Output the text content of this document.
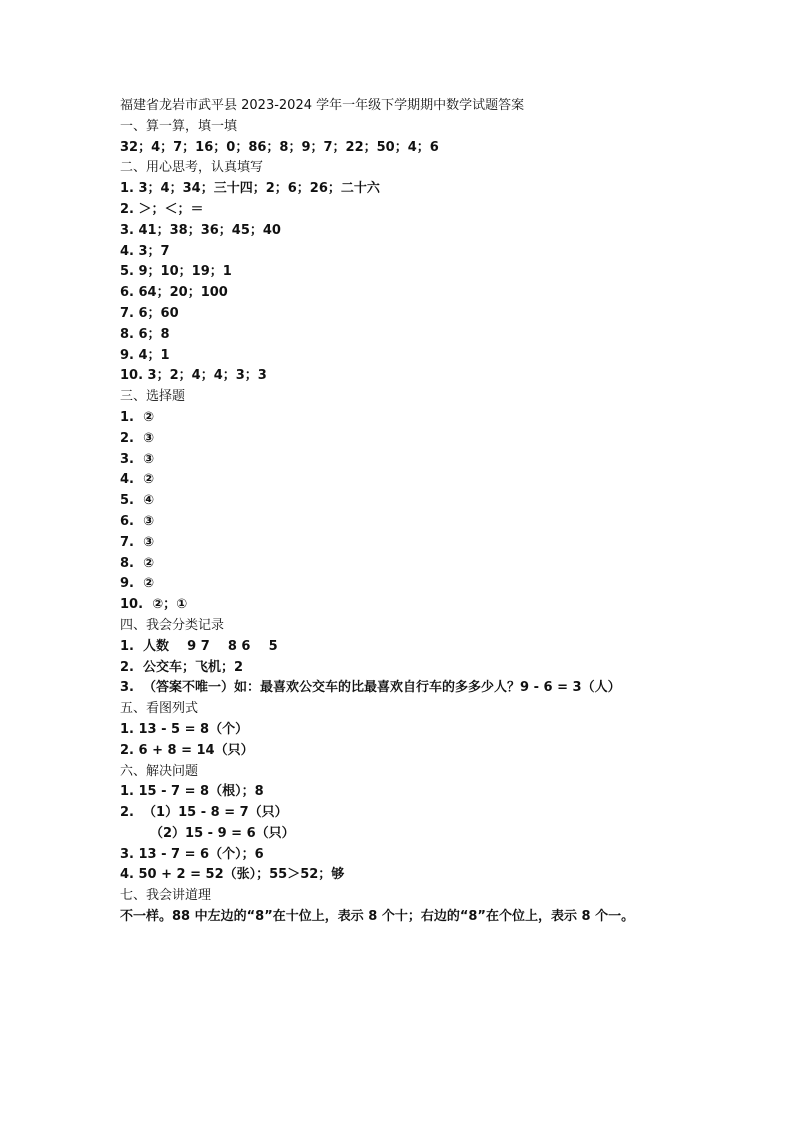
福建省龙岩市武平县 2023-2024 学年一年级下学期期中数学试题答案
一、算一算，填一填
32；4；7；16；0；86；8；9；7；22；50；4；6
二、用心思考，认真填写
1. 3；4；34；三十四；2；6；26；二十六
2. ＞；＜；＝
3. 41；38；36；45；40
4. 3；7
5. 9；10；19；1
6. 64；20；100
7. 6；60
8. 6；8
9. 4；1
10. 3；2；4；4；3；3
三、选择题
1.  ②
2.  ③
3.  ③
4.  ②
5.  ④
6.  ③
7.  ③
8.  ②
9.  ②
10.  ②；①
四、我会分类记录
1.  人数    9 7    8 6    5
2.  公交车；飞机；2
3.  （答案不唯一）如：最喜欢公交车的比最喜欢自行车的多多少人？9 - 6 = 3（人）
五、看图列式
1. 13 - 5 = 8（个）
2. 6 + 8 = 14（只）
六、解决问题
1. 15 - 7 = 8（根）；8
2.  （1）15 - 8 = 7（只）
（2）15 - 9 = 6（只）
3. 13 - 7 = 6（个）；6
4. 50 + 2 = 52（张）；55＞52；够
七、我会讲道理
不一样。88 中左边的“8”在十位上，表示 8 个十；右边的“8”在个位上，表示 8 个一。
